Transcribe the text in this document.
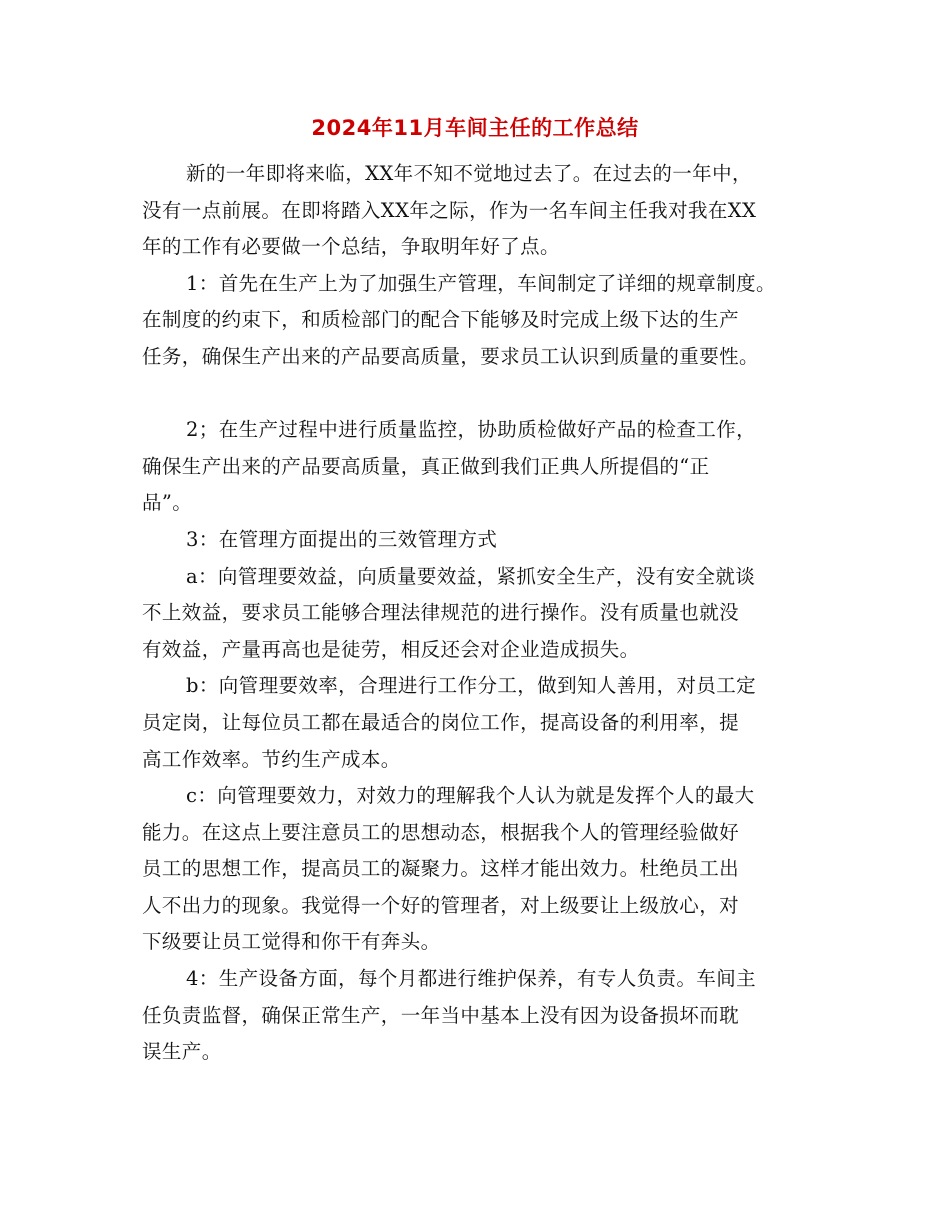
2024年11月车间主任的工作总结
新的一年即将来临，XX年不知不觉地过去了。在过去的一年中，
没有一点前展。在即将踏入XX年之际，作为一名车间主任我对我在XX
年的工作有必要做一个总结，争取明年好了点。
1：首先在生产上为了加强生产管理，车间制定了详细的规章制度。
在制度的约束下，和质检部门的配合下能够及时完成上级下达的生产
任务，确保生产出来的产品要高质量，要求员工认识到质量的重要性。
2；在生产过程中进行质量监控，协助质检做好产品的检查工作，
确保生产出来的产品要高质量，真正做到我们正典人所提倡的“正
品”。
3：在管理方面提出的三效管理方式
a：向管理要效益，向质量要效益，紧抓安全生产，没有安全就谈
不上效益，要求员工能够合理法律规范的进行操作。没有质量也就没
有效益，产量再高也是徒劳，相反还会对企业造成损失。
b：向管理要效率，合理进行工作分工，做到知人善用，对员工定
员定岗，让每位员工都在最适合的岗位工作，提高设备的利用率，提
高工作效率。节约生产成本。
c：向管理要效力，对效力的理解我个人认为就是发挥个人的最大
能力。在这点上要注意员工的思想动态，根据我个人的管理经验做好
员工的思想工作，提高员工的凝聚力。这样才能出效力。杜绝员工出
人不出力的现象。我觉得一个好的管理者，对上级要让上级放心，对
下级要让员工觉得和你干有奔头。
4：生产设备方面，每个月都进行维护保养，有专人负责。车间主
任负责监督，确保正常生产，一年当中基本上没有因为设备损坏而耽
误生产。
